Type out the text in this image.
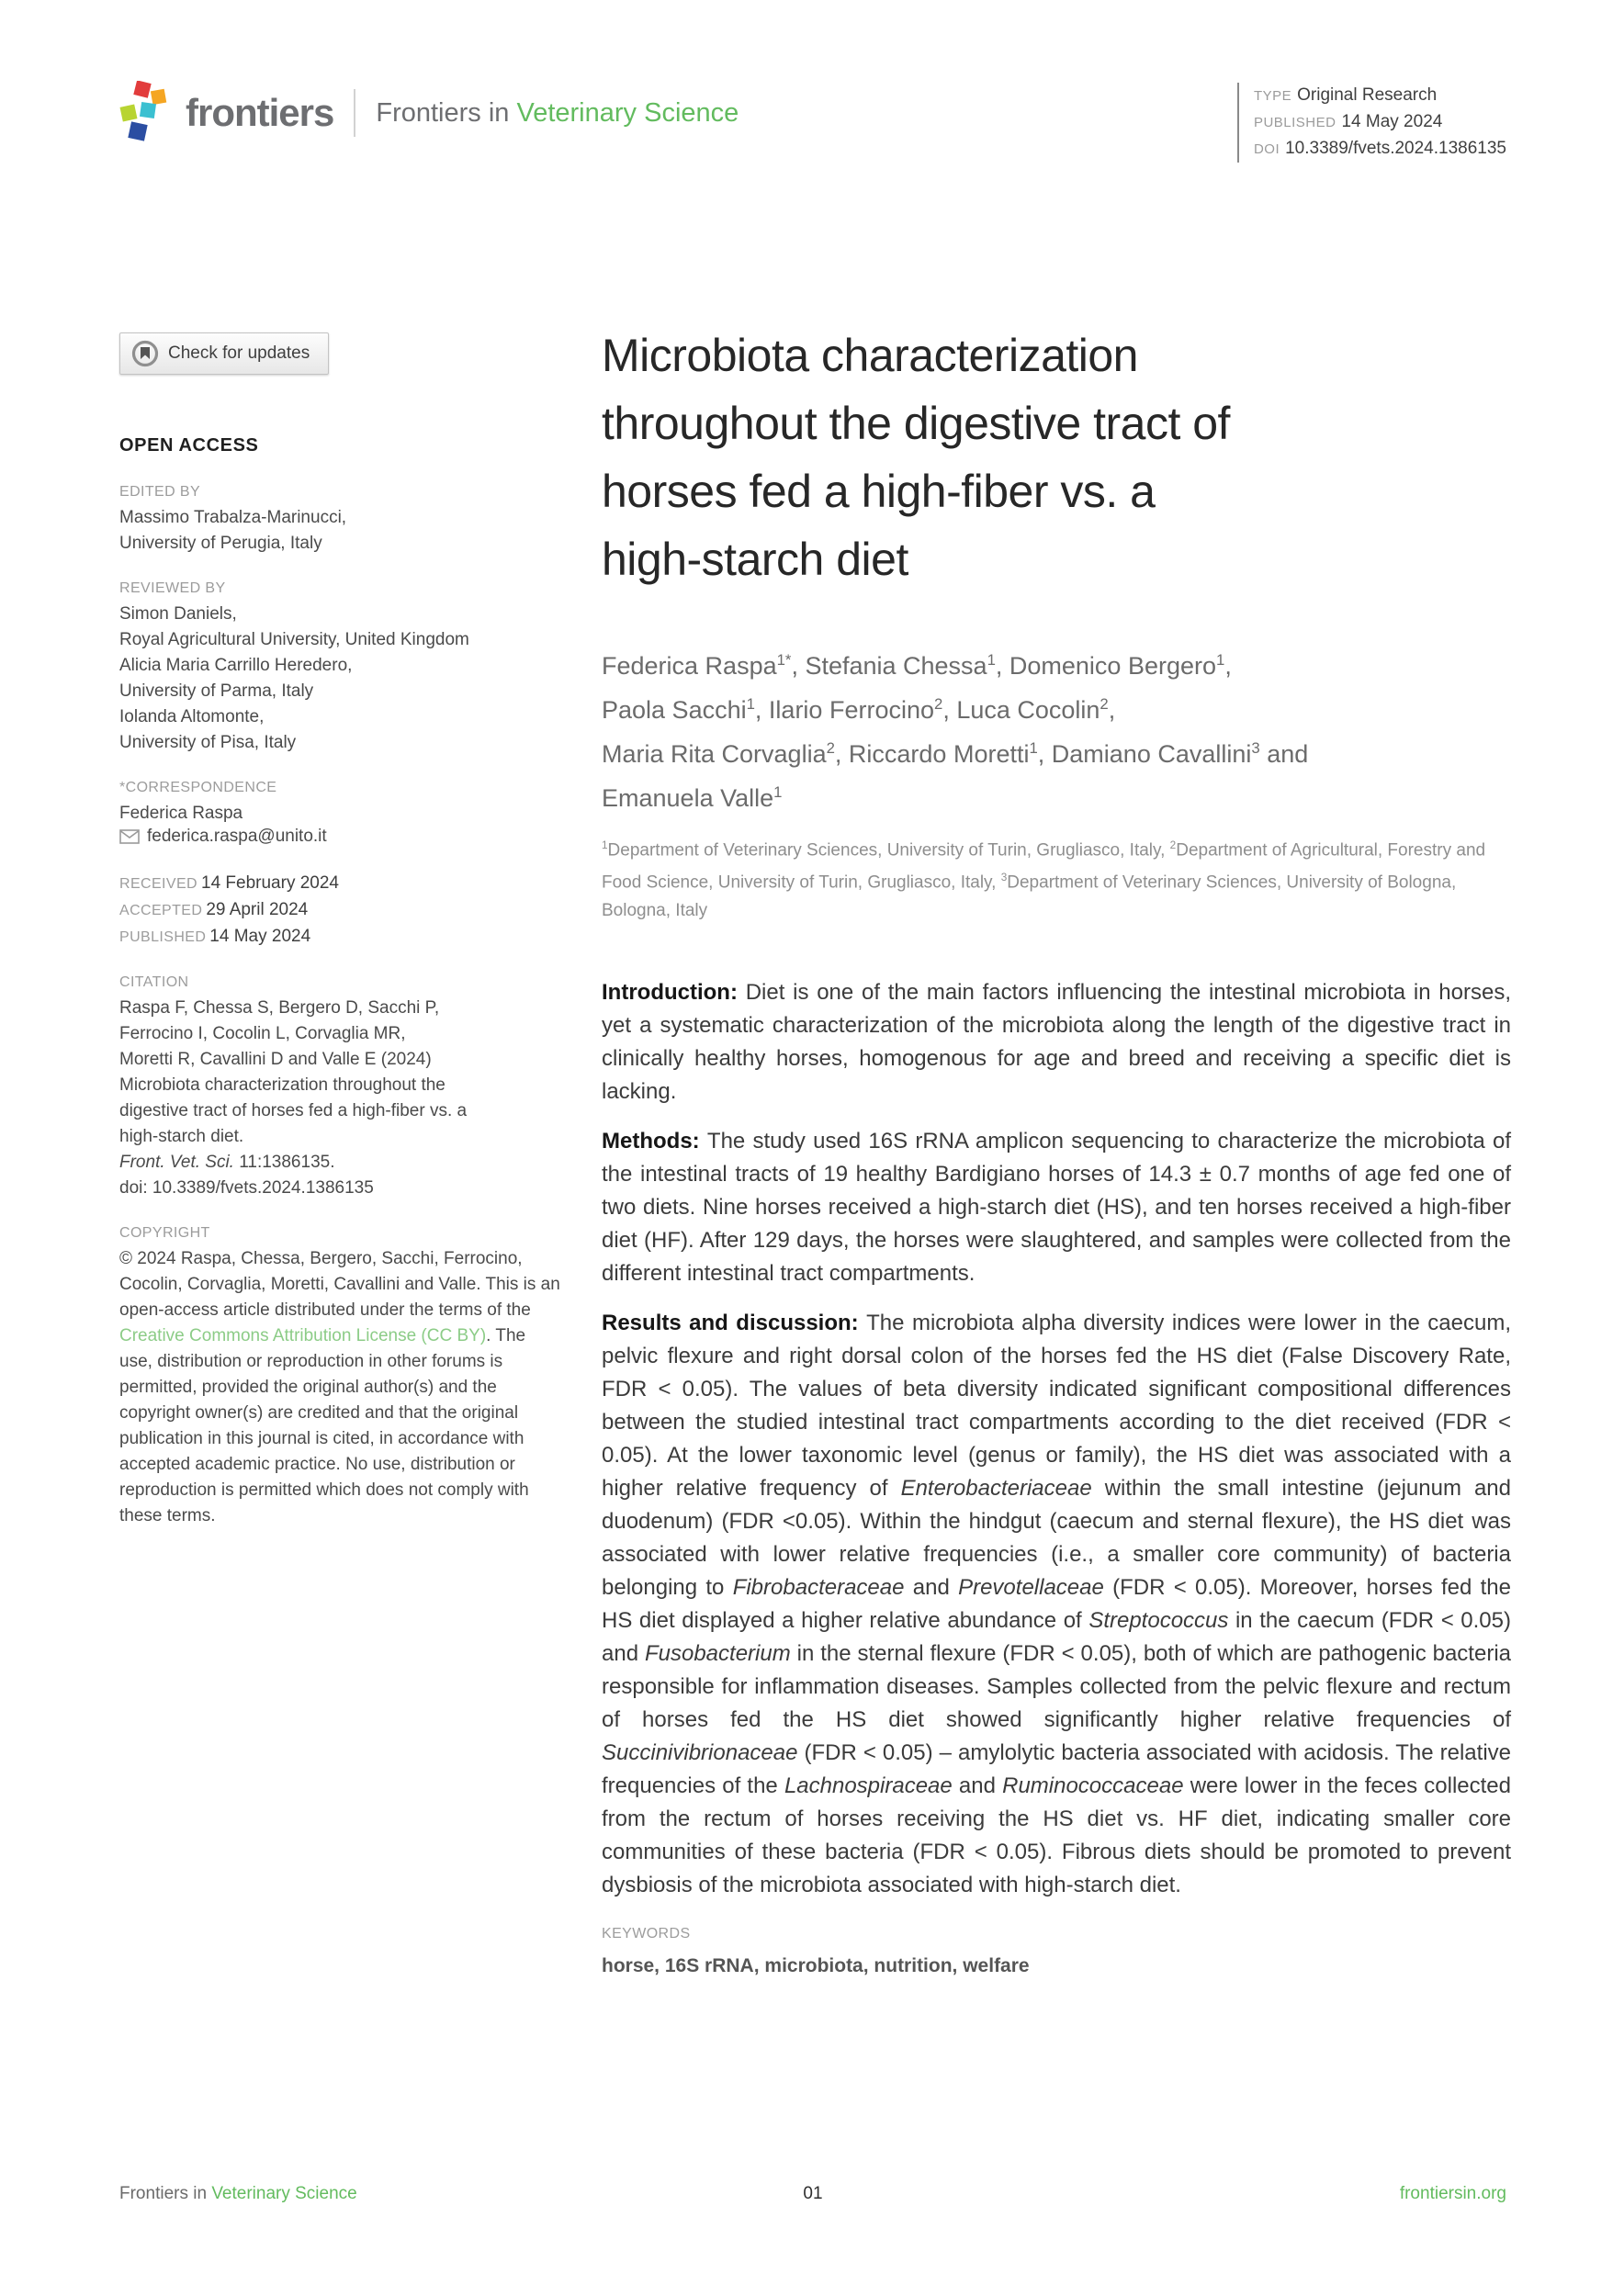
frontiers Frontiers in Veterinary Science
TYPE Original Research
PUBLISHED 14 May 2024
DOI 10.3389/fvets.2024.1386135
Check for updates
OPEN ACCESS
EDITED BY
Massimo Trabalza-Marinucci,
University of Perugia, Italy
REVIEWED BY
Simon Daniels,
Royal Agricultural University, United Kingdom
Alicia Maria Carrillo Heredero,
University of Parma, Italy
Iolanda Altomonte,
University of Pisa, Italy
*CORRESPONDENCE
Federica Raspa
federica.raspa@unito.it
RECEIVED 14 February 2024
ACCEPTED 29 April 2024
PUBLISHED 14 May 2024
CITATION
Raspa F, Chessa S, Bergero D, Sacchi P,
Ferrocino I, Cocolin L, Corvaglia MR,
Moretti R, Cavallini D and Valle E (2024)
Microbiota characterization throughout the
digestive tract of horses fed a high-fiber vs. a
high-starch diet.
Front. Vet. Sci. 11:1386135.
doi: 10.3389/fvets.2024.1386135
COPYRIGHT
© 2024 Raspa, Chessa, Bergero, Sacchi, Ferrocino, Cocolin, Corvaglia, Moretti, Cavallini and Valle. This is an open-access article distributed under the terms of the Creative Commons Attribution License (CC BY). The use, distribution or reproduction in other forums is permitted, provided the original author(s) and the copyright owner(s) are credited and that the original publication in this journal is cited, in accordance with accepted academic practice. No use, distribution or reproduction is permitted which does not comply with these terms.
Microbiota characterization
throughout the digestive tract of
horses fed a high-fiber vs. a
high-starch diet
Federica Raspa$^{1*}$, Stefania Chessa$^1$, Domenico Bergero$^1$,
Paola Sacchi$^1$, Ilario Ferrocino$^2$, Luca Cocolin$^2$,
Maria Rita Corvaglia$^2$, Riccardo Moretti$^1$, Damiano Cavallini$^3$ and
Emanuela Valle$^1$
$^1$Department of Veterinary Sciences, University of Turin, Grugliasco, Italy, $^2$Department of Agricultural, Forestry and Food Science, University of Turin, Grugliasco, Italy, $^3$Department of Veterinary Sciences, University of Bologna, Bologna, Italy

Introduction: Diet is one of the main factors influencing the intestinal microbiota in horses, yet a systematic characterization of the microbiota along the length of the digestive tract in clinically healthy horses, homogenous for age and breed and receiving a specific diet is lacking.

Methods: The study used 16S rRNA amplicon sequencing to characterize the microbiota of the intestinal tracts of 19 healthy Bardigiano horses of 14.3 ± 0.7 months of age fed one of two diets. Nine horses received a high-starch diet (HS), and ten horses received a high-fiber diet (HF). After 129 days, the horses were slaughtered, and samples were collected from the different intestinal tract compartments.

Results and discussion: The microbiota alpha diversity indices were lower in the caecum, pelvic flexure and right dorsal colon of the horses fed the HS diet (False Discovery Rate, FDR < 0.05). The values of beta diversity indicated significant compositional differences between the studied intestinal tract compartments according to the diet received (FDR < 0.05). At the lower taxonomic level (genus or family), the HS diet was associated with a higher relative frequency of Enterobacteriaceae within the small intestine (jejunum and duodenum) (FDR <0.05). Within the hindgut (caecum and sternal flexure), the HS diet was associated with lower relative frequencies (i.e., a smaller core community) of bacteria belonging to Fibrobacteraceae and Prevotellaceae (FDR < 0.05). Moreover, horses fed the HS diet displayed a higher relative abundance of Streptococcus in the caecum (FDR < 0.05) and Fusobacterium in the sternal flexure (FDR < 0.05), both of which are pathogenic bacteria responsible for inflammation diseases. Samples collected from the pelvic flexure and rectum of horses fed the HS diet showed significantly higher relative frequencies of Succinivibrionaceae (FDR < 0.05) – amylolytic bacteria associated with acidosis. The relative frequencies of the Lachnospiraceae and Ruminococcaceae were lower in the feces collected from the rectum of horses receiving the HS diet vs. HF diet, indicating smaller core communities of these bacteria (FDR < 0.05). Fibrous diets should be promoted to prevent dysbiosis of the microbiota associated with high-starch diet.

KEYWORDS
horse, 16S rRNA, microbiota, nutrition, welfare
Frontiers in Veterinary Science	01	frontiersin.org
